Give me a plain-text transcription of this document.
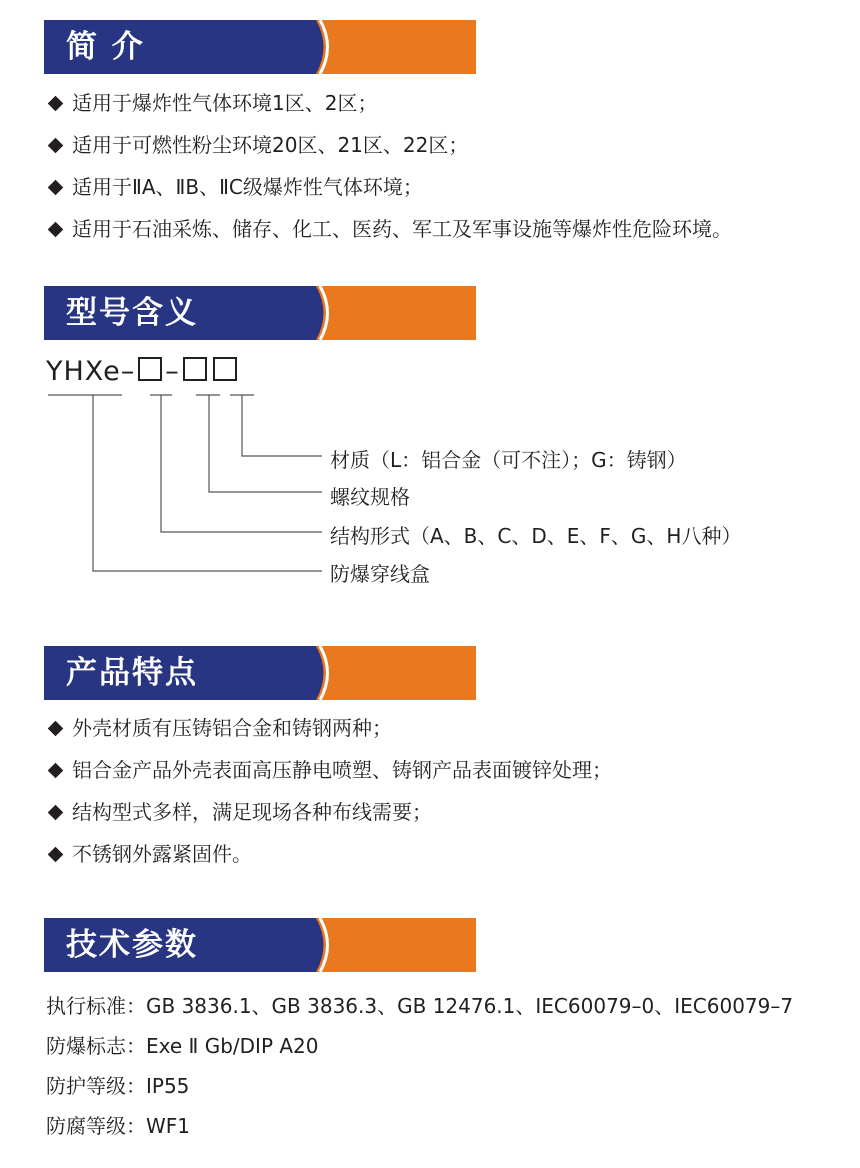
简 介
适用于爆炸性气体环境1区、2区；
适用于可燃性粉尘环境20区、21区、22区；
适用于ⅡA、ⅡB、ⅡC级爆炸性气体环境；
适用于石油采炼、储存、化工、医药、军工及军事设施等爆炸性危险环境。
型号含义
YHXe– –
材质（L：铝合金（可不注）；G：铸钢）
螺纹规格
结构形式（A、B、C、D、E、F、G、H八种）
防爆穿线盒
产品特点
外壳材质有压铸铝合金和铸钢两种；
铝合金产品外壳表面高压静电喷塑、铸钢产品表面镀锌处理；
结构型式多样，满足现场各种布线需要；
不锈钢外露紧固件。
技术参数
执行标准：GB 3836.1、GB 3836.3、GB 12476.1、IEC60079–0、IEC60079–7
防爆标志：Exe Ⅱ Gb/DIP A20
防护等级：IP55
防腐等级：WF1
